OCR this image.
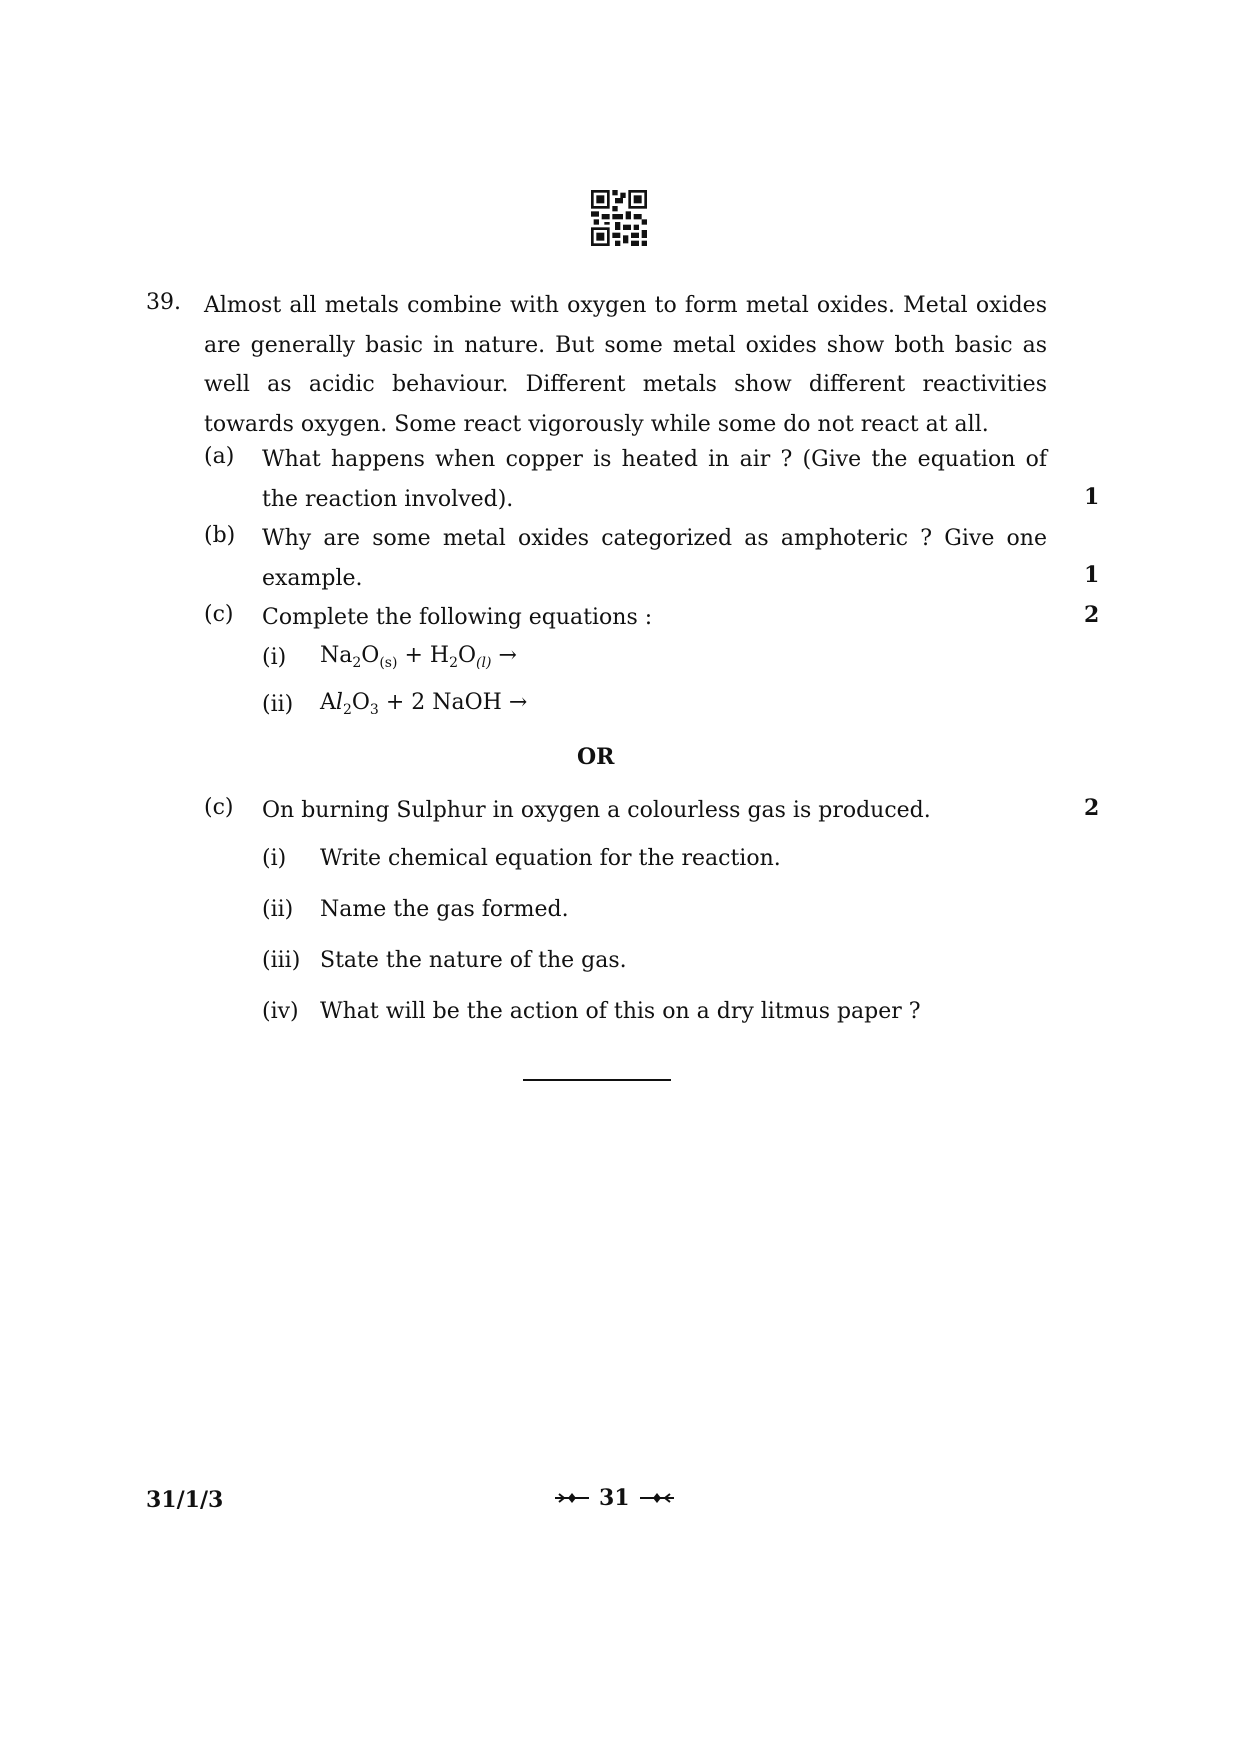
39. Almost all metals combine with oxygen to form metal oxides. Metal oxides are generally basic in nature. But some metal oxides show both basic as well as acidic behaviour. Different metals show different reactivities towards oxygen. Some react vigorously while some do not react at all.

(a) What happens when copper is heated in air ? (Give the equation of the reaction involved).	1
(b) Why are some metal oxides categorized as amphoteric ? Give one example.	1
(c) Complete the following equations :	2
(i) $Na_2O_{(s)} + H_2O_{(l)}$ →
(ii) $Al_2O_3 + 2$ NaOH →
OR
(c) On burning Sulphur in oxygen a colourless gas is produced.	2
(i) Write chemical equation for the reaction.
(ii) Name the gas formed.
(iii) State the nature of the gas.
(iv) What will be the action of this on a dry litmus paper ?
31/1/3	31
